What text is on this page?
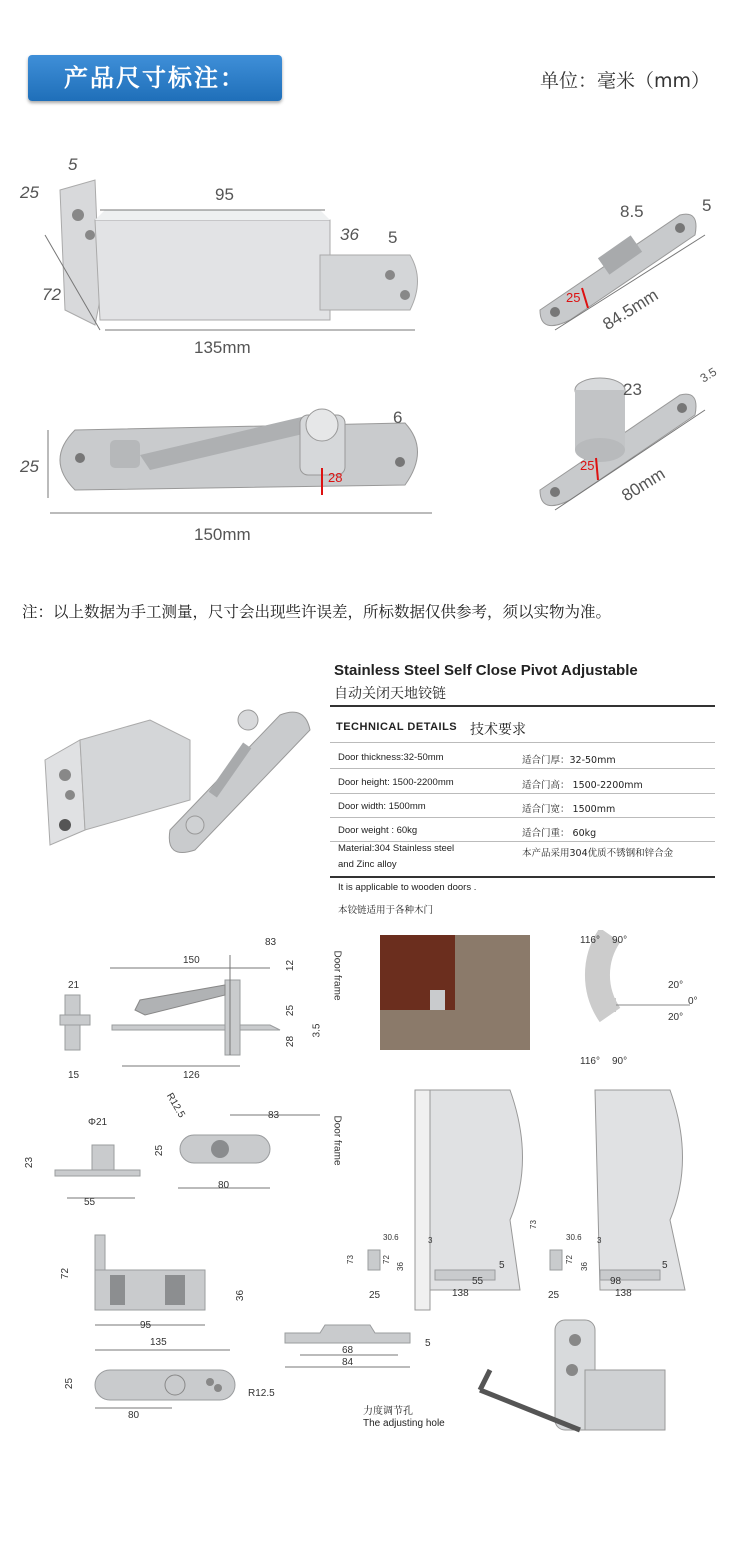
产品尺寸标注：	单位：毫米（mm）
25
5
95
36 5
72
135mm
8.5	5
25 84.5mm
25
6
28
150mm
23
3.5
25 80mm
注：以上数据为手工测量，尺寸会出现些许误差，所标数据仅供参考，须以实物为准。
Stainless Steel Self Close Pivot Adjustable
自动关闭天地铰链
TECHNICAL DETAILS 技术要求
Door thickness:32-50mm	适合门厚：32-50mm
Door height: 1500-2200mm	适合门高： 1500-2200mm
Door width: 1500mm	适合门宽： 1500mm
Door weight : 60kg	适合门重： 60kg
Material:304 Stainless steel
and Zinc alloy
本产品采用304优质不锈钢和锌合金
It is applicable to wooden doors .
本铰链适用于各种木门
83
150	12
25
28
3.5
126
21
15
Door frame
Φ21
23
55
R12.5	83
25
80
Door frame
72
95
135
36
5
68
84
25
80
R12.5
116° 90°
20°
0°
20°
116° 90°
30.6
73	72
36
25	138
55
5
3	30.6
73
72
36
25
98
138
5
3
力度调节孔
The adjusting hole
